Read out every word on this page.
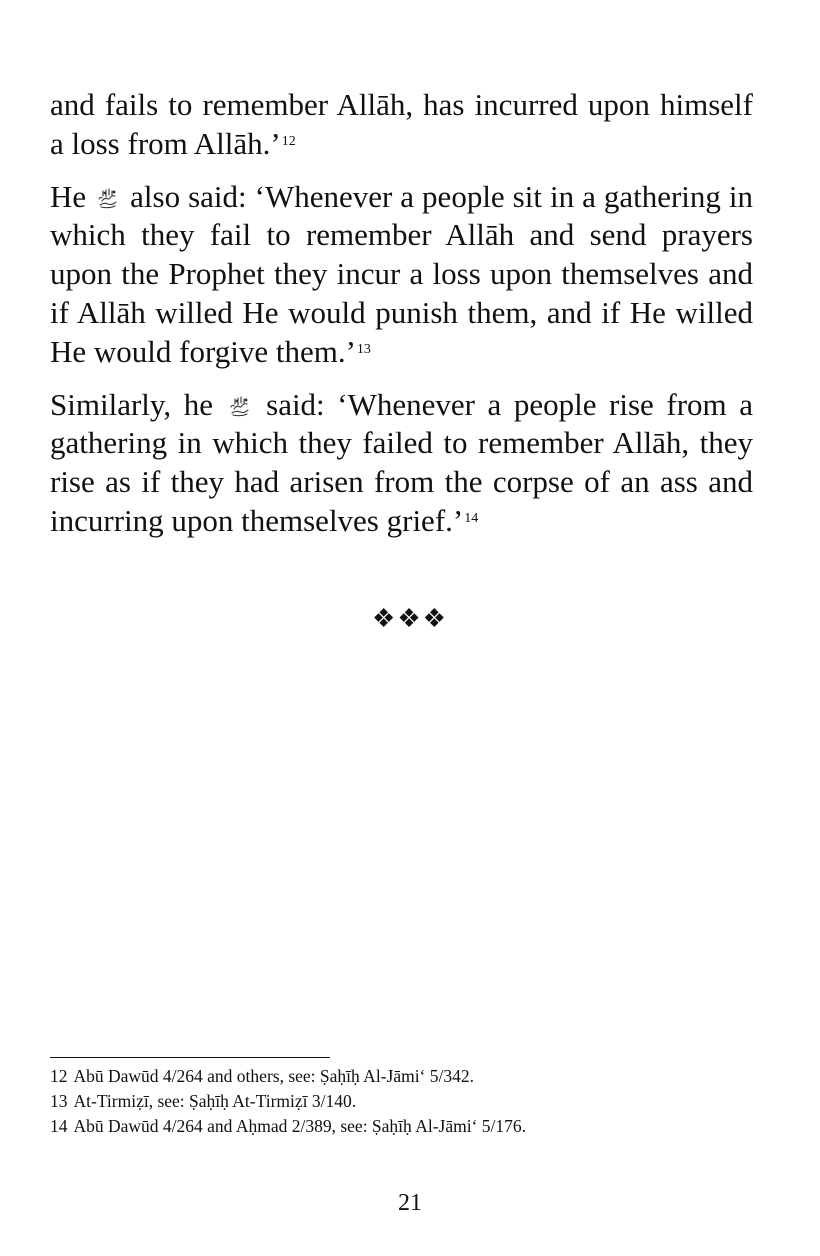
and fails to remember Allāh, has incurred upon himself a loss from Allāh.’$^{12}$

He
also said: ‘Whenever a people sit in a gathering in which they fail to remember Allāh and send prayers upon the Prophet they incur a loss upon themselves and if Allāh willed He would punish them, and if He willed He would forgive them.’$^{13}$

Similarly, he
said: ‘Whenever a people rise from a gathering in which they failed to remember Allāh, they rise as if they had arisen from the corpse of an ass and incurring upon themselves grief.’$^{14}$

❖❖❖

12 Abū Dawūd 4/264 and others, see: Ṣaḥīḥ Al-Jāmi‘ 5/342.

13 At-Tirmiẓī, see: Ṣaḥīḥ At-Tirmiẓī 3/140.

14 Abū Dawūd 4/264 and Aḥmad 2/389, see: Ṣaḥīḥ Al-Jāmi‘ 5/176.

21
